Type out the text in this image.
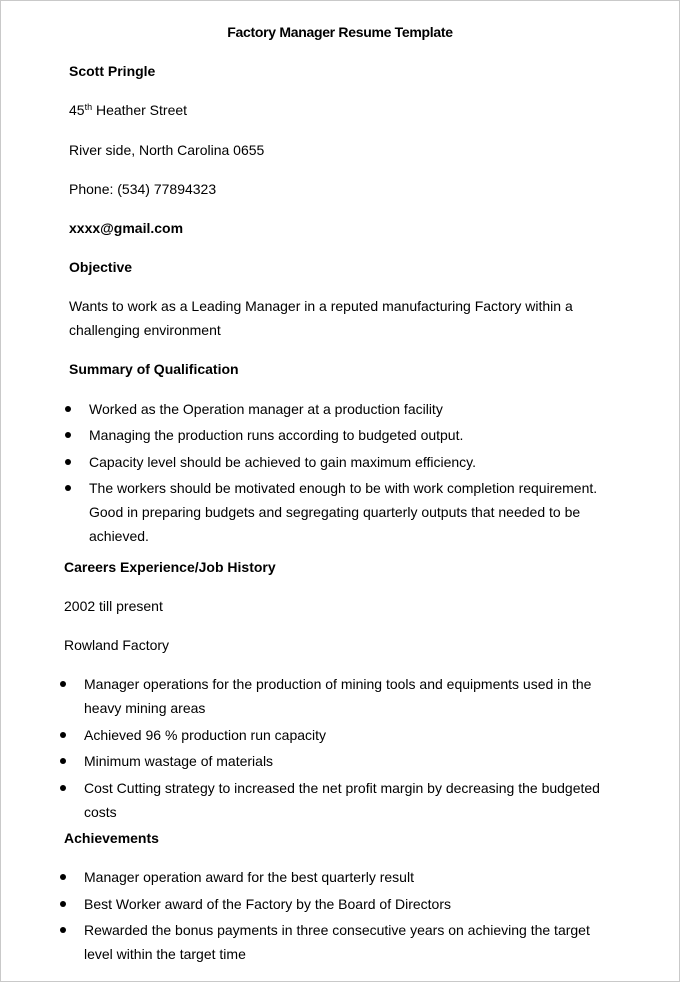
Factory Manager Resume Template
Scott Pringle
45th Heather Street
River side, North Carolina 0655
Phone: (534) 77894323
xxxx@gmail.com
Objective
Wants to work as a Leading Manager in a reputed manufacturing Factory within a
challenging environment
Summary of Qualification
Worked as the Operation manager at a production facility
Managing the production runs according to budgeted output.
Capacity level should be achieved to gain maximum efficiency.
The workers should be motivated enough to be with work completion requirement.
Good in preparing budgets and segregating quarterly outputs that needed to be
achieved.
Careers Experience/Job History
2002 till present
Rowland Factory
Manager operations for the production of mining tools and equipments used in the
heavy mining areas
Achieved 96 % production run capacity
Minimum wastage of materials
Cost Cutting strategy to increased the net profit margin by decreasing the budgeted
costs
Achievements
Manager operation award for the best quarterly result
Best Worker award of the Factory by the Board of Directors
Rewarded the bonus payments in three consecutive years on achieving the target
level within the target time
